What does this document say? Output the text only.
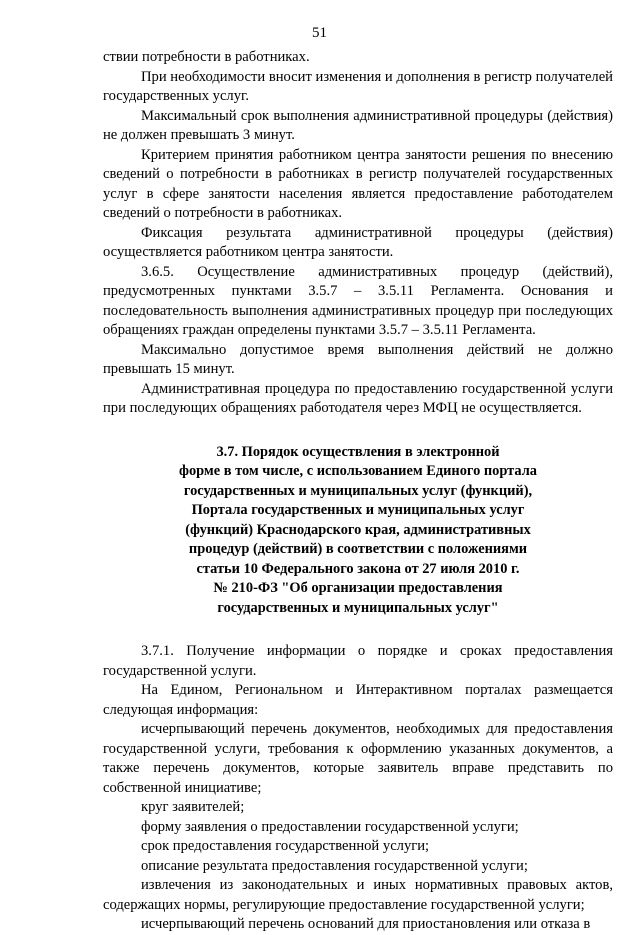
51

ствии потребности в работниках.

При необходимости вносит изменения и дополнения в регистр получателей государственных услуг.

Максимальный срок выполнения административной процедуры (действия) не должен превышать 3 минут.

Критерием принятия работником центра занятости решения по внесению сведений о потребности в работниках в регистр получателей государственных услуг в сфере занятости населения является предоставление работодателем сведений о потребности в работниках.

Фиксация результата административной процедуры (действия) осуществляется работником центра занятости.

3.6.5. Осуществление административных процедур (действий), предусмотренных пунктами 3.5.7 – 3.5.11 Регламента. Основания и последовательность выполнения административных процедур при последующих обращениях граждан определены пунктами 3.5.7 – 3.5.11 Регламента.

Максимально допустимое время выполнения действий не должно превышать 15 минут.

Административная процедура по предоставлению государственной услуги при последующих обращениях работодателя через МФЦ не осуществляется.

3.7. Порядок осуществления в электронной
форме в том числе, с использованием Единого портала
государственных и муниципальных услуг (функций),
Портала государственных и муниципальных услуг
(функций) Краснодарского края, административных
процедур (действий) в соответствии с положениями
статьи 10 Федерального закона от 27 июля 2010 г.
№ 210-ФЗ "Об организации предоставления
государственных и муниципальных услуг"

3.7.1. Получение информации о порядке и сроках предоставления государственной услуги.

На Едином, Региональном и Интерактивном порталах размещается следующая информация:

исчерпывающий перечень документов, необходимых для предоставления государственной услуги, требования к оформлению указанных документов, а также перечень документов, которые заявитель вправе представить по собственной инициативе;

круг заявителей;

форму заявления о предоставлении государственной услуги;

срок предоставления государственной услуги;

описание результата предоставления государственной услуги;

извлечения из законодательных и иных нормативных правовых актов, содержащих нормы, регулирующие предоставление государственной услуги;

исчерпывающий перечень оснований для приостановления или отказа в
